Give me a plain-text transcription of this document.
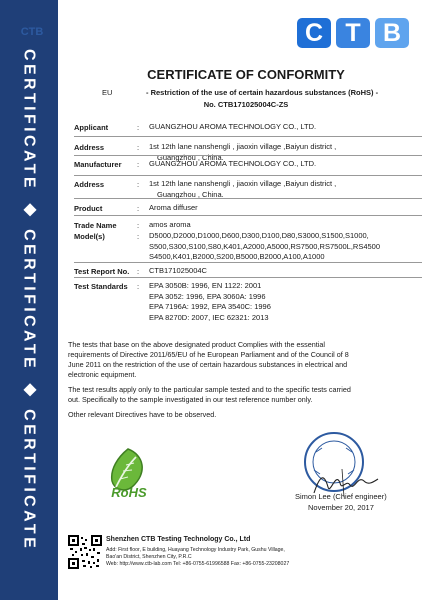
CERTIFICATE ◆ CERTIFICATE ◆ CERTIFICATE
C T B
CERTIFICATE OF CONFORMITY
EU	- Restriction of the use of certain hazardous substances (RoHS) -
No. CTB171025004C-ZS
Applicant	: GUANGZHOU AROMA TECHNOLOGY CO., LTD.
Address	: 1st 12th lane nanshengli , jiaoxin village ,Baiyun district ,
Guangzhou , China.
Manufacturer : GUANGZHOU AROMA TECHNOLOGY CO., LTD.
Address	: 1st 12th lane nanshengli , jiaoxin village ,Baiyun district ,
Guangzhou , China.
Product	: Aroma diffuser
Trade Name	: amos aroma
Model(s)	: D5000,D2000,D1000,D600,D300,D100,D80,S3000,S1500,S1000,
S500,S300,S100,S80,K401,A2000,A5000,RS7500,RS7500L,RS4500
S4500,K401,B2000,S200,B5000,B2000,A100,A1000
Test Report No. : CTB171025004C
Test Standards : EPA 3050B: 1996, EN 1122: 2001
EPA 3052: 1996, EPA 3060A: 1996
EPA 7196A: 1992, EPA 3540C: 1996
EPA 8270D: 2007, IEC 62321: 2013
The tests that base on the above designated product Complies with the essential
requirements of Directive 2011/65/EU of he European Parliament and of the Council of 8
June 2011 on the restriction of the use of certain hazardous substances in electrical and
electronic equipment.
The test results apply only to the particular sample tested and to the specific tests carried
out. Specifically to the sample investigated in our test reference number only.
Other relevant Directives have to be observed.
RoHS
CTB
Simon Lee (Chief engineer)
November 20, 2017
Shenzhen CTB Testing Technology Co., Ltd
Add: First floor, E building, Huayang Technology Industry Park, Gushu Village,
Bao'an District, Shenzhen City, P.R.C
Web: http://www.ctb-lab.com Tel: +86-0755-61996588 Fax: +86-0755-23208027
